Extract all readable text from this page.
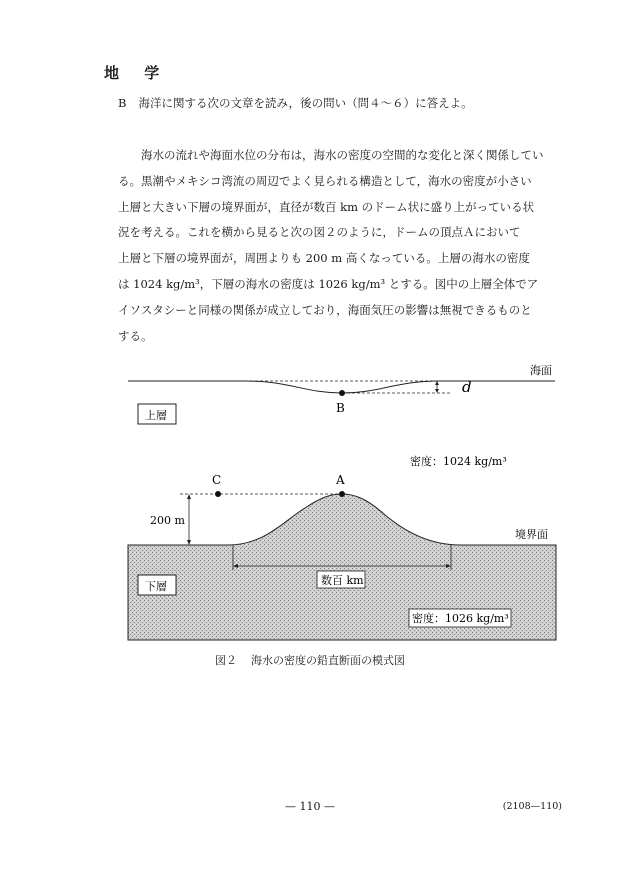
地 学
B 海洋に関する次の文章を読み，後の問い（問４～６）に答えよ。
海水の流れや海面水位の分布は，海水の密度の空間的な変化と深く関係してい
る。黒潮やメキシコ湾流の周辺でよく見られる構造として，海水の密度が小さい
上層と大きい下層の境界面が，直径が数百 km のドーム状に盛り上がっている状
況を考える。これを横から見ると次の図２のように，ドームの頂点Ａにおいて
上層と下層の境界面が，周囲よりも 200 m 高くなっている。上層の海水の密度
は 1024 kg/m³，下層の海水の密度は 1026 kg/m³ とする。図中の上層全体でア
イソスタシーと同様の関係が成立しており，海面気圧の影響は無視できるものと
する。
d
海面
B
上層
密度：1024 kg/m³
200 m
C	A
境界面
数百 km
下層
密度：1026 kg/m³
図２ 海水の密度の鉛直断面の模式図
— 110 —	(2108—110)
